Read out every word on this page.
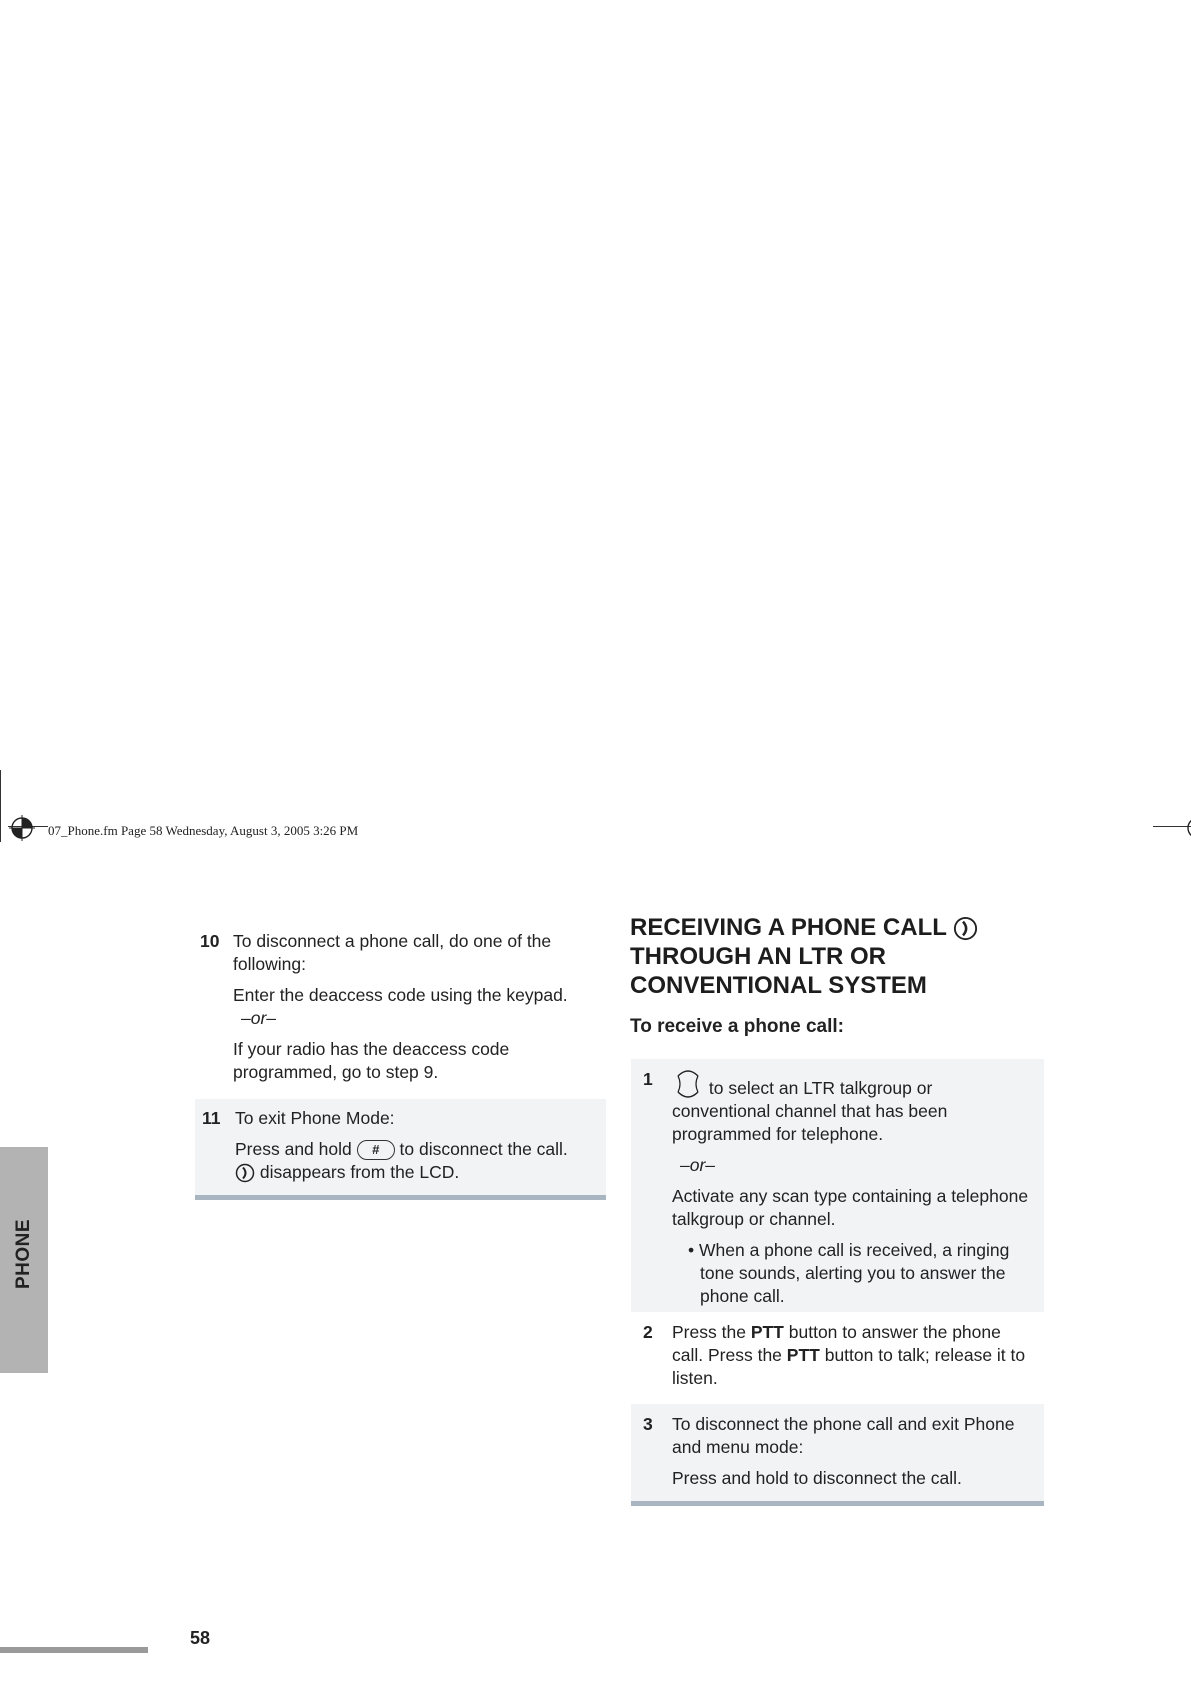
07_Phone.fm Page 58 Wednesday, August 3, 2005 3:26 PM
PHONE
10 To disconnect a phone call, do one of the following:

Enter the deaccess code using the keypad.

–or–

If your radio has the deaccess code programmed, go to step 9.

11 To exit Phone Mode:

Press and hold # to disconnect the call.

disappears from the LCD.

RECEIVING A PHONE CALL
THROUGH AN LTR OR
CONVENTIONAL SYSTEM
To receive a phone call:
1	to select an LTR talkgroup or conventional channel that has been programmed for telephone.

–or–

Activate any scan type containing a telephone talkgroup or channel.

• When a phone call is received, a ringing tone sounds, alerting you to answer the phone call.

2 Press the PTT button to answer the phone call. Press the PTT button to talk; release it to listen.

3 To disconnect the phone call and exit Phone and menu mode:

Press and hold to disconnect the call.

58
